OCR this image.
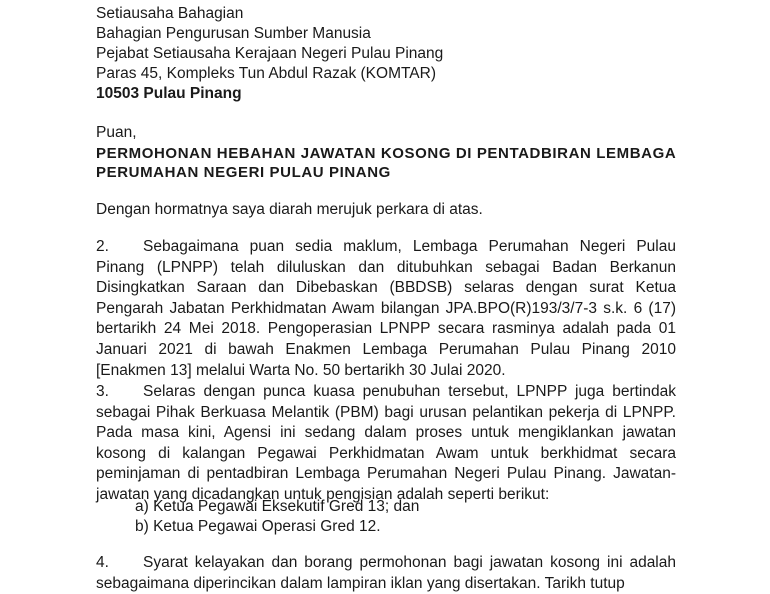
Setiausaha Bahagian
Bahagian Pengurusan Sumber Manusia
Pejabat Setiausaha Kerajaan Negeri Pulau Pinang
Paras 45, Kompleks Tun Abdul Razak (KOMTAR)
10503 Pulau Pinang
Puan,
PERMOHONAN HEBAHAN JAWATAN KOSONG DI PENTADBIRAN LEMBAGA
PERUMAHAN NEGERI PULAU PINANG
Dengan hormatnya saya diarah merujuk perkara di atas.
2. Sebagaimana puan sedia maklum, Lembaga Perumahan Negeri Pulau Pinang (LPNPP) telah diluluskan dan ditubuhkan sebagai Badan Berkanun Disingkatkan Saraan dan Dibebaskan (BBDSB) selaras dengan surat Ketua Pengarah Jabatan Perkhidmatan Awam bilangan JPA.BPO(R)193/3/7-3 s.k. 6 (17) bertarikh 24 Mei 2018. Pengoperasian LPNPP secara rasminya adalah pada 01 Januari 2021 di bawah Enakmen Lembaga Perumahan Pulau Pinang 2010 [Enakmen 13] melalui Warta No. 50 bertarikh 30 Julai 2020.
3. Selaras dengan punca kuasa penubuhan tersebut, LPNPP juga bertindak sebagai Pihak Berkuasa Melantik (PBM) bagi urusan pelantikan pekerja di LPNPP. Pada masa kini, Agensi ini sedang dalam proses untuk mengiklankan jawatan kosong di kalangan Pegawai Perkhidmatan Awam untuk berkhidmat secara peminjaman di pentadbiran Lembaga Perumahan Negeri Pulau Pinang. Jawatan-jawatan yang dicadangkan untuk pengisian adalah seperti berikut:
a) Ketua Pegawai Eksekutif Gred 13; dan
b) Ketua Pegawai Operasi Gred 12.
4. Syarat kelayakan dan borang permohonan bagi jawatan kosong ini adalah sebagaimana diperincikan dalam lampiran iklan yang disertakan. Tarikh tutup
